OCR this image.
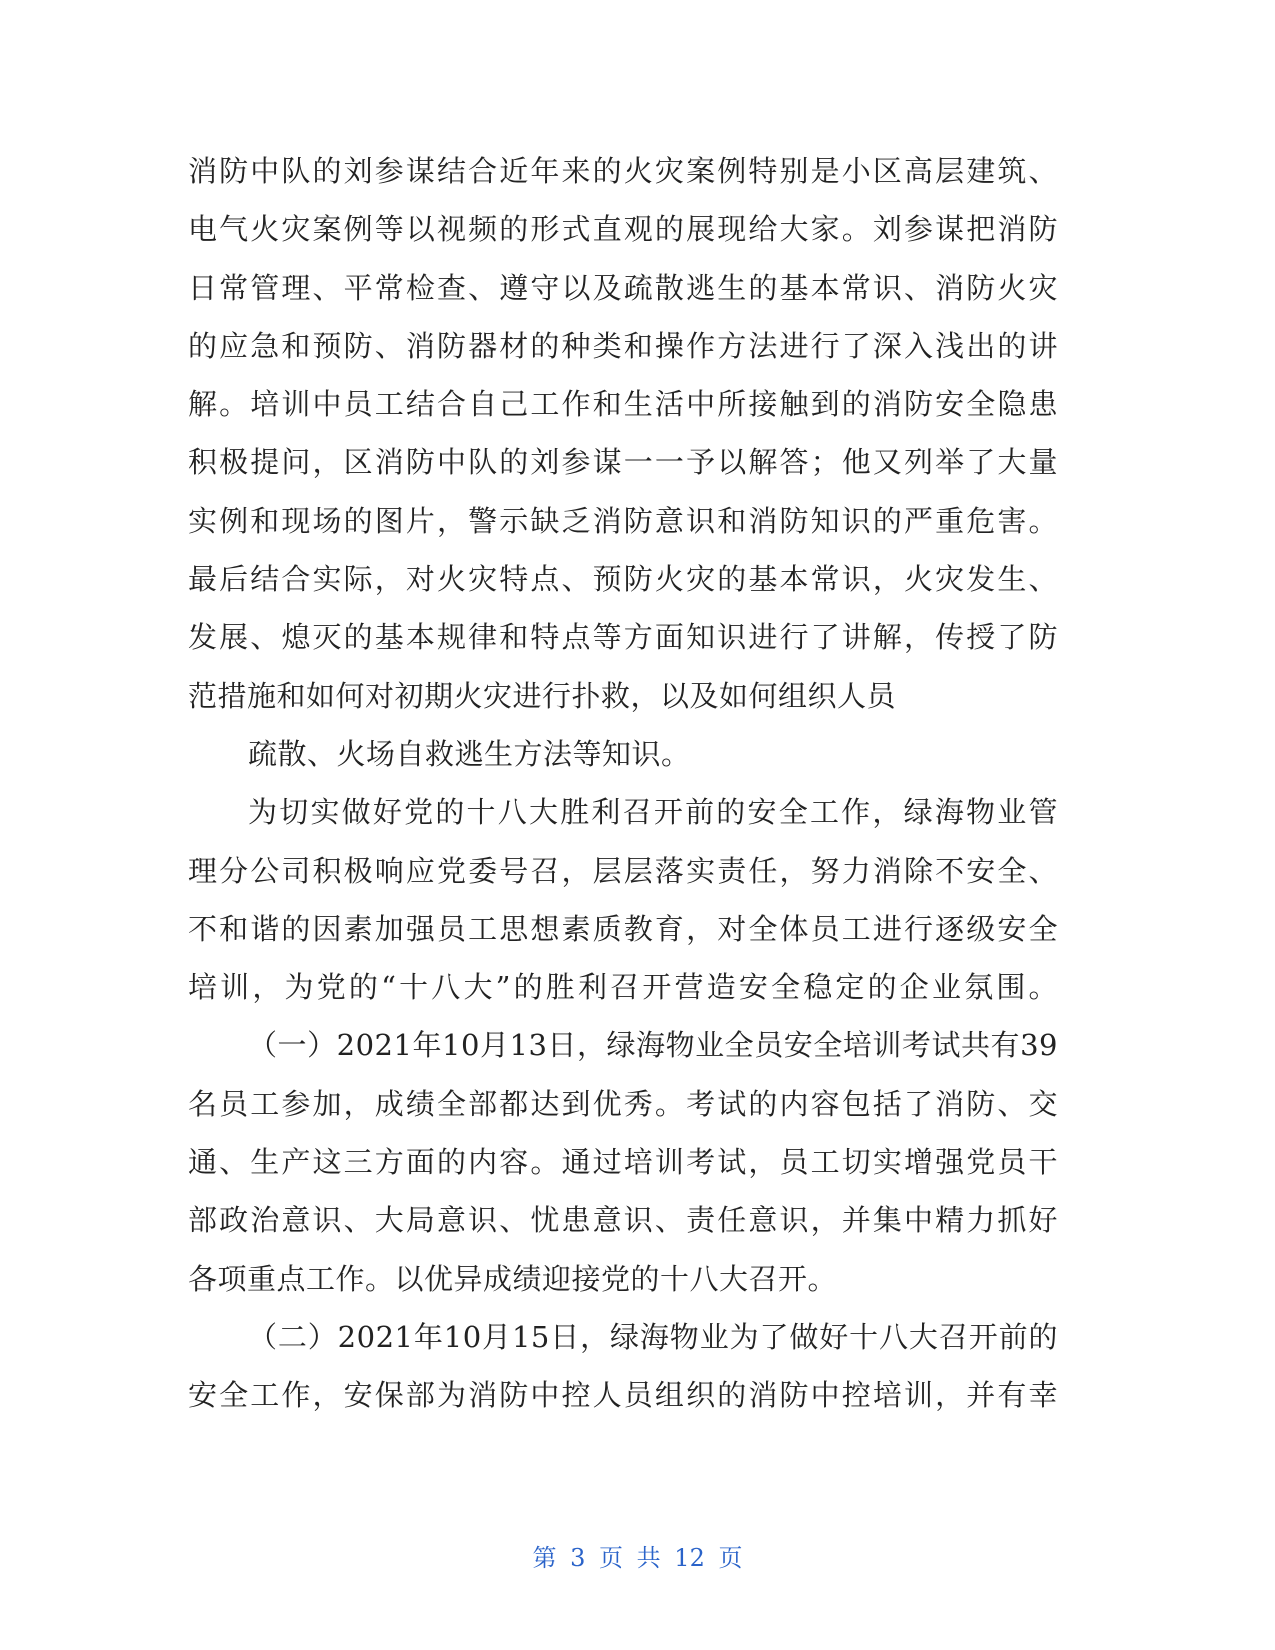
消防中队的刘参谋结合近年来的火灾案例特别是小区高层建筑、
电气火灾案例等以视频的形式直观的展现给大家。刘参谋把消防
日常管理、平常检查、遵守以及疏散逃生的基本常识、消防火灾
的应急和预防、消防器材的种类和操作方法进行了深入浅出的讲
解。培训中员工结合自己工作和生活中所接触到的消防安全隐患
积极提问，区消防中队的刘参谋一一予以解答；他又列举了大量
实例和现场的图片，警示缺乏消防意识和消防知识的严重危害。
最后结合实际，对火灾特点、预防火灾的基本常识，火灾发生、
发展、熄灭的基本规律和特点等方面知识进行了讲解，传授了防
范措施和如何对初期火灾进行扑救，以及如何组织人员
疏散、火场自救逃生方法等知识。
为切实做好党的十八大胜利召开前的安全工作，绿海物业管
理分公司积极响应党委号召，层层落实责任，努力消除不安全、
不和谐的因素加强员工思想素质教育，对全体员工进行逐级安全
培训，为党的“十八大”的胜利召开营造安全稳定的企业氛围。
（一）2021年10月13日，绿海物业全员安全培训考试共有39
名员工参加，成绩全部都达到优秀。考试的内容包括了消防、交
通、生产这三方面的内容。通过培训考试，员工切实增强党员干
部政治意识、大局意识、忧患意识、责任意识，并集中精力抓好
各项重点工作。以优异成绩迎接党的十八大召开。
（二）2021年10月15日，绿海物业为了做好十八大召开前的
安全工作，安保部为消防中控人员组织的消防中控培训，并有幸
第 3 页 共 12 页
